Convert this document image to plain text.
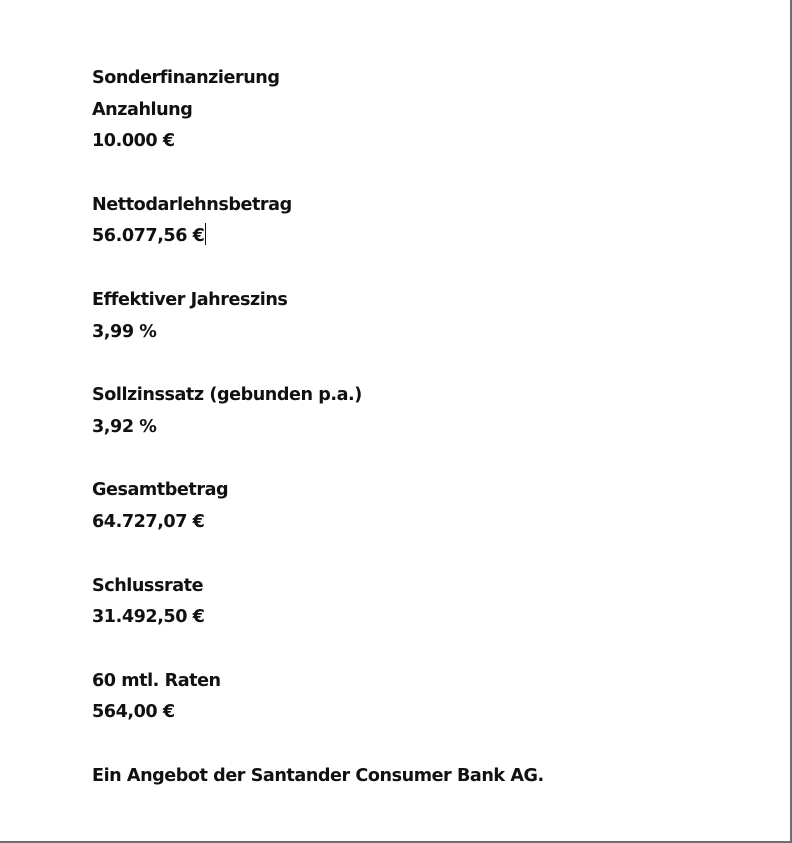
Sonderfinanzierung
Anzahlung
10.000 €
Nettodarlehnsbetrag
56.077,56 €
Effektiver Jahreszins
3,99 %
Sollzinssatz (gebunden p.a.)
3,92 %
Gesamtbetrag
64.727,07 €
Schlussrate
31.492,50 €
60 mtl. Raten
564,00 €
Ein Angebot der Santander Consumer Bank AG.
